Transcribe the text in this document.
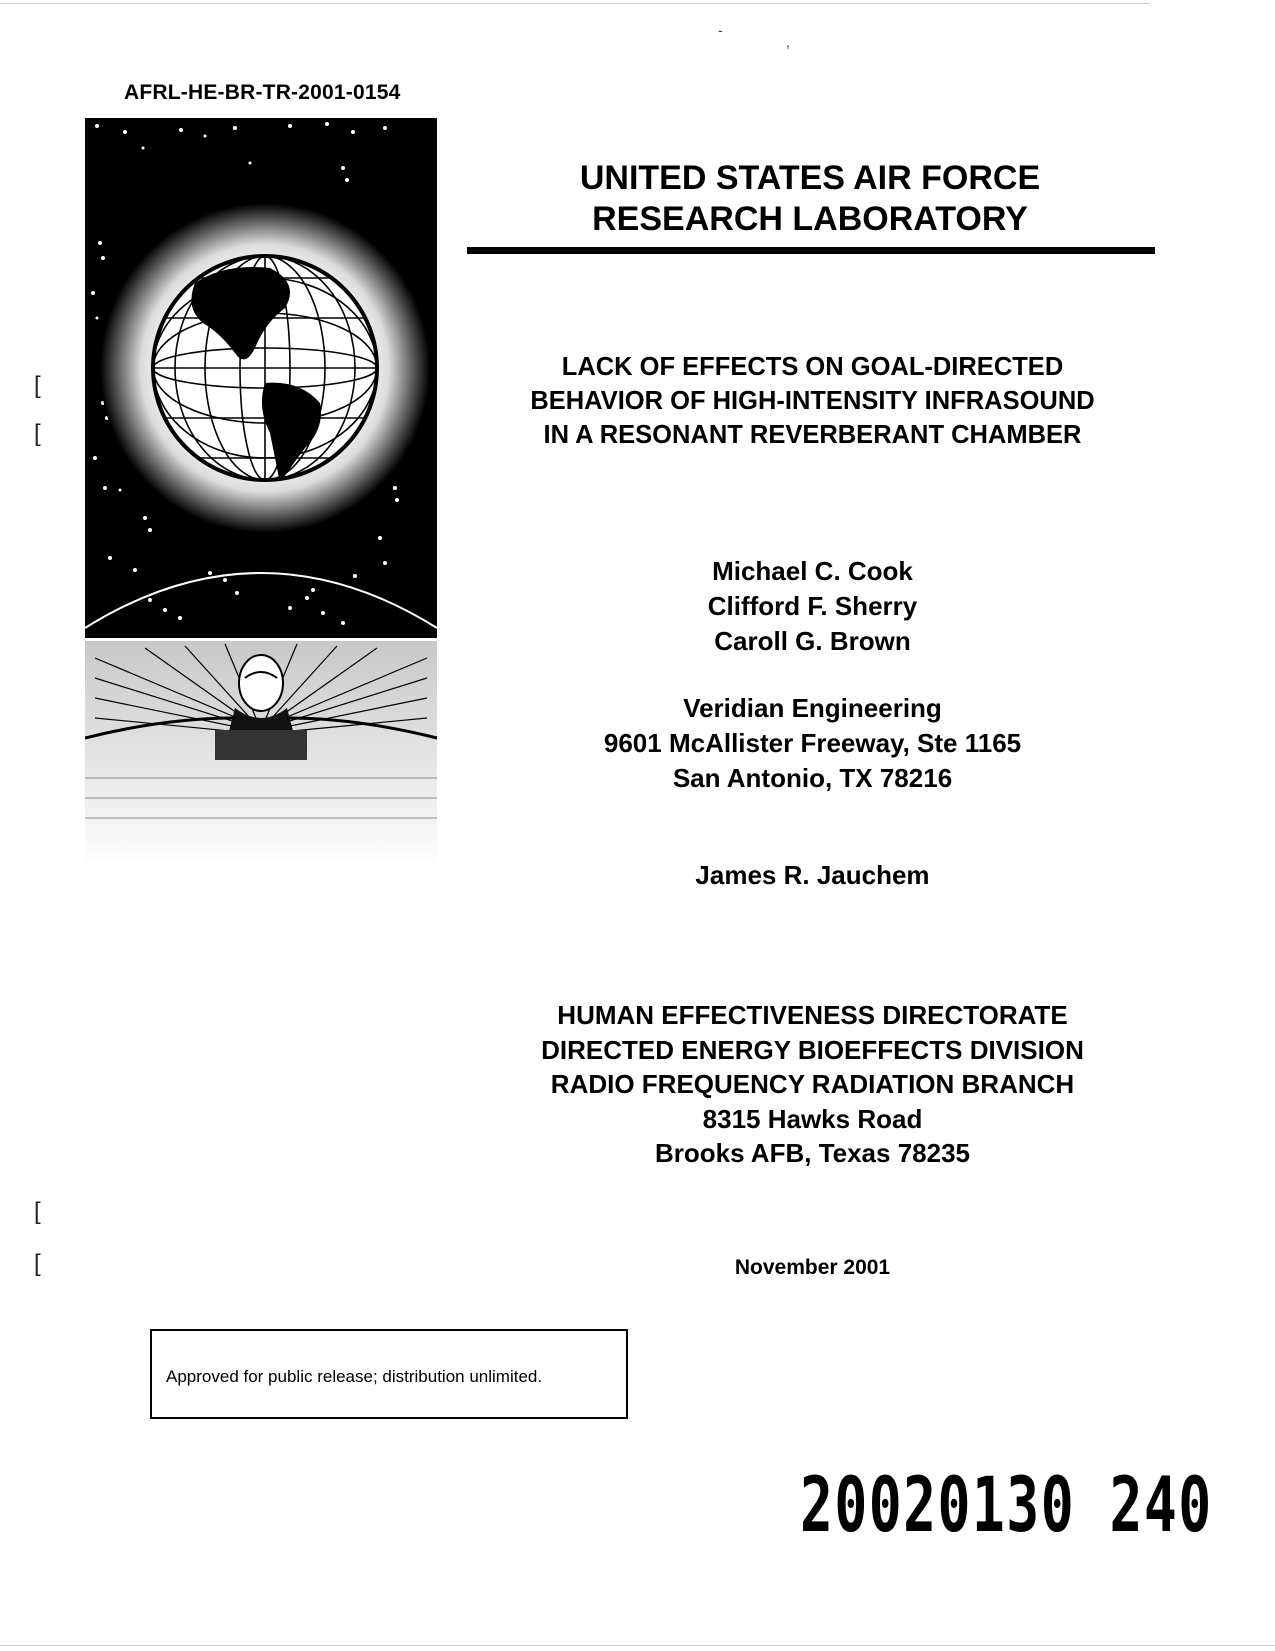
-
,
AFRL-HE-BR-TR-2001-0154
UNITED STATES AIR FORCE
RESEARCH LABORATORY
LACK OF EFFECTS ON GOAL-DIRECTED
BEHAVIOR OF HIGH-INTENSITY INFRASOUND
IN A RESONANT REVERBERANT CHAMBER
Michael C. Cook
Clifford F. Sherry
Caroll G. Brown
Veridian Engineering
9601 McAllister Freeway, Ste 1165
San Antonio, TX 78216
James R. Jauchem
HUMAN EFFECTIVENESS DIRECTORATE
DIRECTED ENERGY BIOEFFECTS DIVISION
RADIO FREQUENCY RADIATION BRANCH
8315 Hawks Road
Brooks AFB, Texas 78235
November 2001
Approved for public release; distribution unlimited.
20020130 240
[
[
[
[
